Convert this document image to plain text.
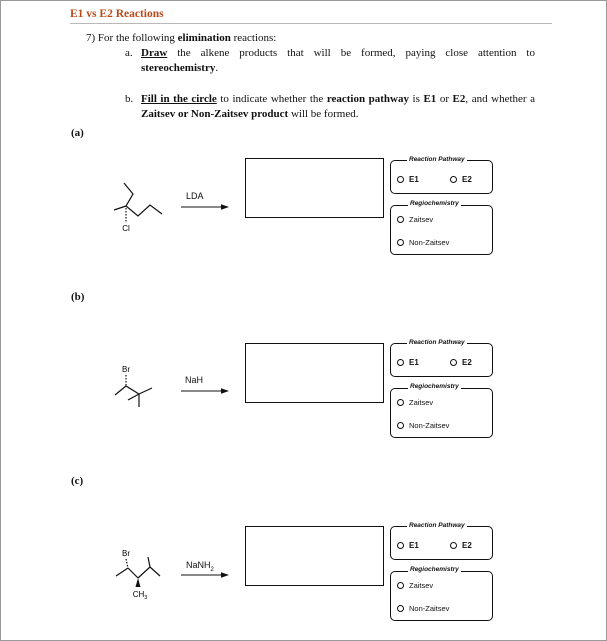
E1 vs E2 Reactions
7) For the following elimination reactions:
a. Draw the alkene products that will be formed, paying close attention to stereochemistry.
b. Fill in the circle to indicate whether the reaction pathway is E1 or E2, and whether a Zaitsev or Non-Zaitsev product will be formed.
(a)
Cl
LDA
Reaction Pathway
E1	E2
Regiochemistry
Zaitsev
Non-Zaitsev
(b)
Br
NaH
Reaction Pathway
E1	E2
Regiochemistry
Zaitsev
Non-Zaitsev
(c)
Br
$CH_3$
NaNH$_2$
Reaction Pathway
E1	E2
Regiochemistry
Zaitsev
Non-Zaitsev
